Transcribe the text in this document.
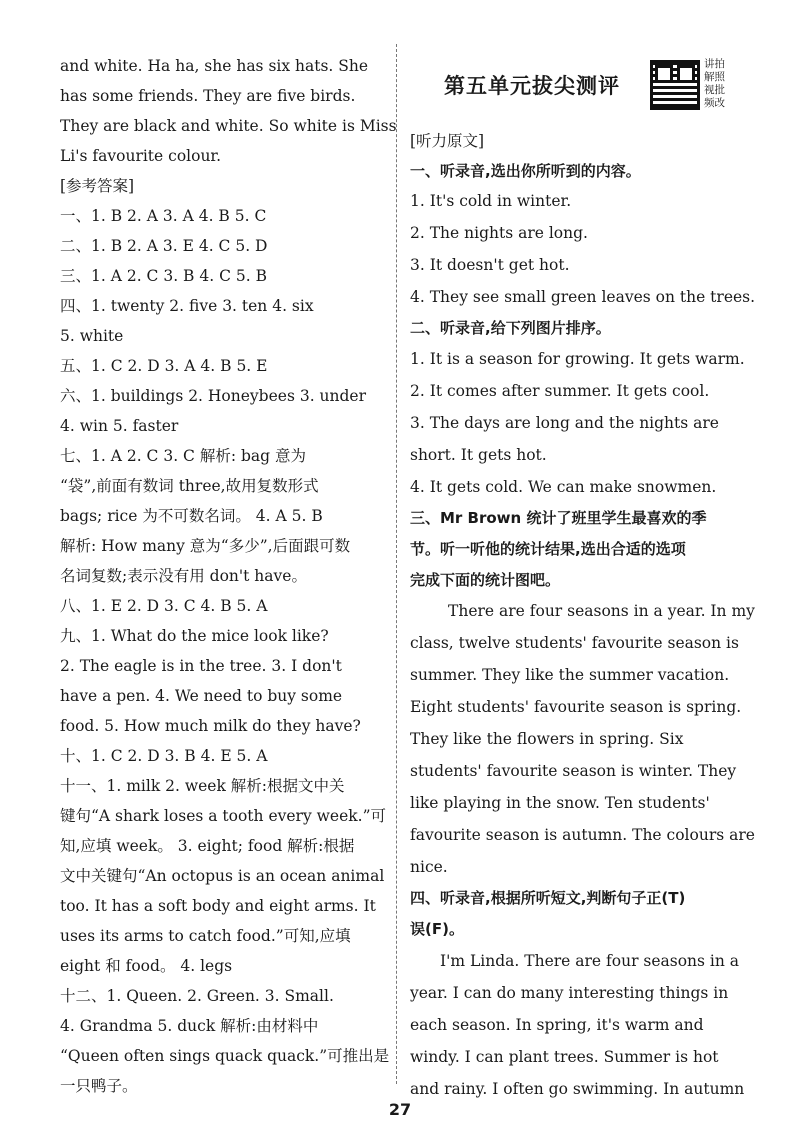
and white. Ha ha, she has six hats. She
has some friends. They are five birds.
They are black and white. So white is Miss
Li's favourite colour.
[参考答案]
一、1. B 2. A 3. A 4. B 5. C
二、1. B 2. A 3. E 4. C 5. D
三、1. A 2. C 3. B 4. C 5. B
四、1. twenty 2. five 3. ten 4. six
5. white
五、1. C 2. D 3. A 4. B 5. E
六、1. buildings 2. Honeybees 3. under
4. win 5. faster
七、1. A 2. C 3. C 解析: bag 意为
“袋”,前面有数词 three,故用复数形式
bags; rice 为不可数名词。 4. A 5. B
解析: How many 意为“多少”,后面跟可数
名词复数;表示没有用 don't have。
八、1. E 2. D 3. C 4. B 5. A
九、1. What do the mice look like?
2. The eagle is in the tree. 3. I don't
have a pen. 4. We need to buy some
food. 5. How much milk do they have?
十、1. C 2. D 3. B 4. E 5. A
十一、1. milk 2. week 解析:根据文中关
键句“A shark loses a tooth every week.”可
知,应填 week。 3. eight; food 解析:根据
文中关键句“An octopus is an ocean animal
too. It has a soft body and eight arms. It
uses its arms to catch food.”可知,应填
eight 和 food。 4. legs
十二、1. Queen. 2. Green. 3. Small.
4. Grandma 5. duck 解析:由材料中
“Queen often sings quack quack.”可推出是
一只鸭子。
第五单元拔尖测评
讲拍
解照
视批
频改
[听力原文]
一、听录音,选出你所听到的内容。
1. It's cold in winter.
2. The nights are long.
3. It doesn't get hot.
4. They see small green leaves on the trees.
二、听录音,给下列图片排序。
1. It is a season for growing. It gets warm.
2. It comes after summer. It gets cool.
3. The days are long and the nights are
short. It gets hot.
4. It gets cold. We can make snowmen.
三、Mr Brown 统计了班里学生最喜欢的季
节。听一听他的统计结果,选出合适的选项
完成下面的统计图吧。
There are four seasons in a year. In my
class, twelve students' favourite season is
summer. They like the summer vacation.
Eight students' favourite season is spring.
They like the flowers in spring. Six
students' favourite season is winter. They
like playing in the snow. Ten students'
favourite season is autumn. The colours are
nice.
四、听录音,根据所听短文,判断句子正(T)
误(F)。
I'm Linda. There are four seasons in a
year. I can do many interesting things in
each season. In spring, it's warm and
windy. I can plant trees. Summer is hot
and rainy. I often go swimming. In autumn
27
